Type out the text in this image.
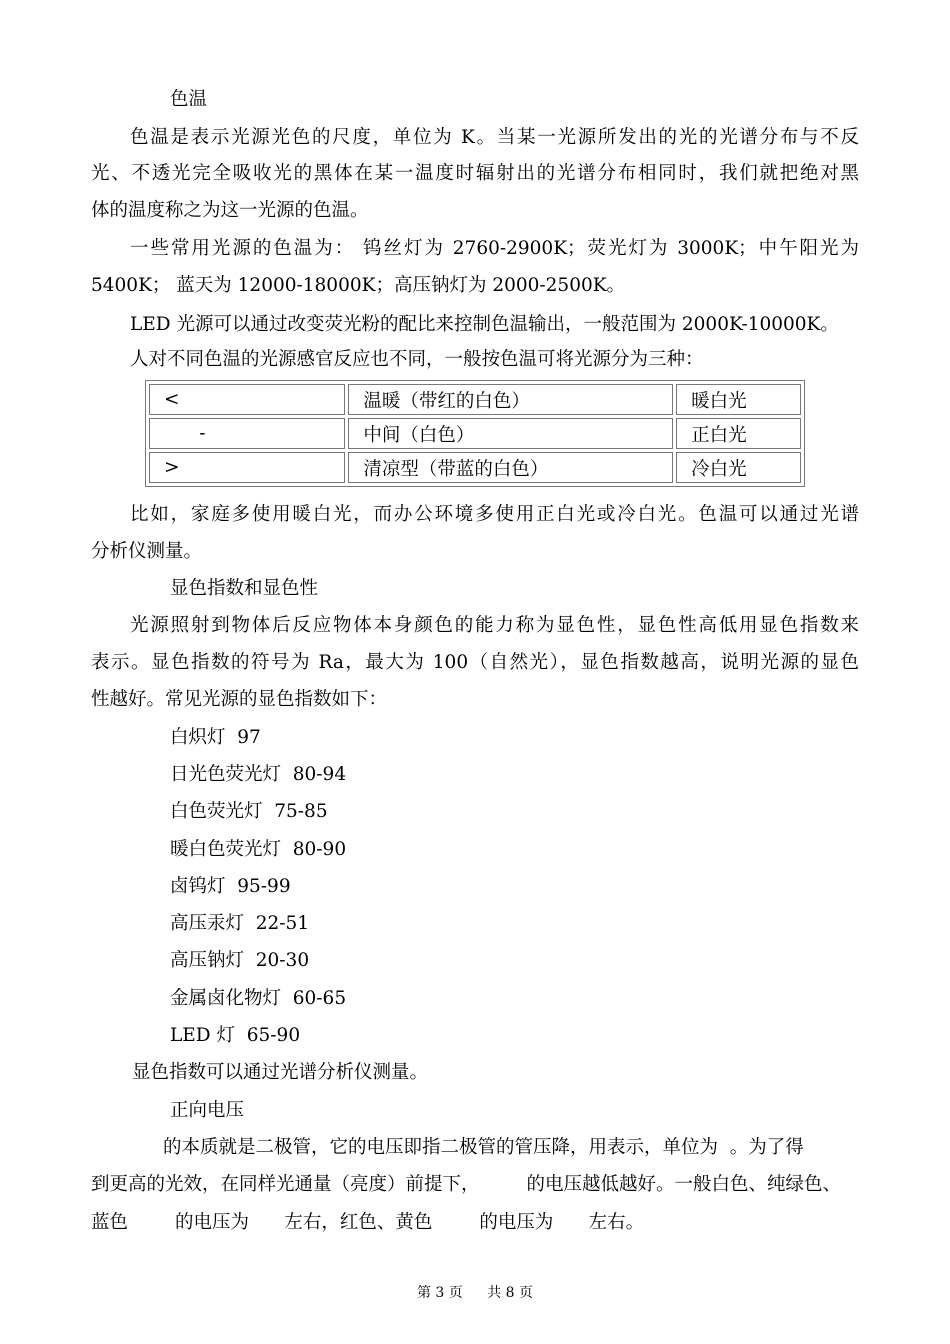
色温
色温是表示光源光色的尺度，单位为 K。当某一光源所发出的光的光谱分布与不反
光、不透光完全吸收光的黑体在某一温度时辐射出的光谱分布相同时，我们就把绝对黑
体的温度称之为这一光源的色温。
一些常用光源的色温为： 钨丝灯为 2760-2900K；荧光灯为 3000K；中午阳光为
5400K； 蓝天为 12000-18000K；高压钠灯为 2000-2500K。
LED 光源可以通过改变荧光粉的配比来控制色温输出，一般范围为 2000K-10000K。
人对不同色温的光源感官反应也不同，一般按色温可将光源分为三种：
<	温暖（带红的白色）	暖白光
-	中间（白色）	正白光
>	清凉型（带蓝的白色）	冷白光
比如，家庭多使用暖白光，而办公环境多使用正白光或冷白光。色温可以通过光谱
分析仪测量。
显色指数和显色性
光源照射到物体后反应物体本身颜色的能力称为显色性，显色性高低用显色指数来
表示。显色指数的符号为 Ra，最大为 100（自然光），显色指数越高，说明光源的显色
性越好。常见光源的显色指数如下：
白炽灯  97
日光色荧光灯  80-94
白色荧光灯  75-85
暖白色荧光灯  80-90
卤钨灯  95-99
高压汞灯  22-51
高压钠灯  20-30
金属卤化物灯  60-65
LED 灯  65-90
显色指数可以通过光谱分析仪测量。
正向电压
的本质就是二极管，它的电压即指二极管的管压降，用表示，单位为  。为了得
到更高的光效，在同样光通量（亮度）前提下，        的电压越低越好。一般白色、纯绿色、
蓝色        的电压为      左右，红色、黄色        的电压为      左右。
第 3 页 共 8 页
